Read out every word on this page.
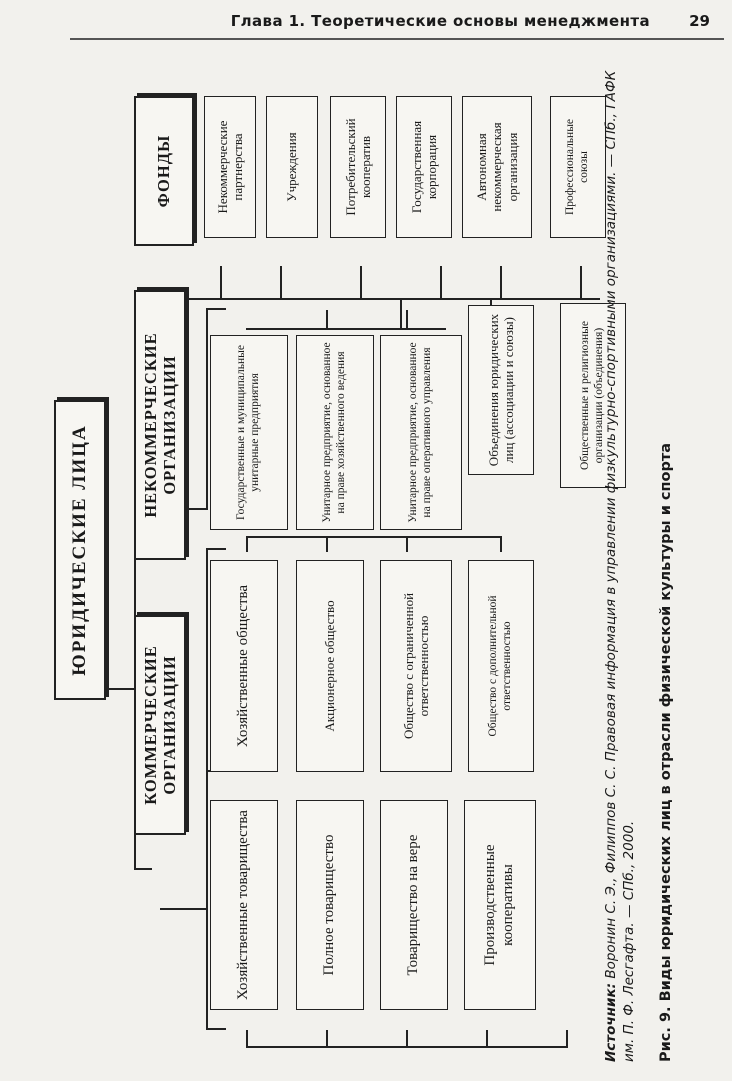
Глава 1. Теоретические основы менеджмента	29
ЮРИДИЧЕСКИЕ ЛИЦА
КОММЕРЧЕСКИЕ ОРГАНИЗАЦИИ
НЕКОММЕРЧЕСКИЕ ОРГАНИЗАЦИИ
Хозяйственные товарищества	Полное товарищество	Товарищество на вере	Производственные кооперативы
Хозяйственные общества	Акционерное общество	Общество с ограниченной ответственностью	Общество с дополнительной ответственностью
Государственные и муниципальные унитарные предприятия	Унитарное предприятие, основанное на праве хозяйственного ведения	Унитарное предприятие, основанное на праве оперативного управления	Объединения юридических лиц (ассоциации и союзы)	Общественные и религиозные организации (объединения)
ФОНДЫ	Некоммерческие партнерства	Учреждения	Потребительский кооператив	Государственная корпорация	Автономная некоммерческая организация	Профессиональные союзы
Источник: Воронин С. Э., Филиппов С. С. Правовая информация в управлении физкультурно-спортивными организациями. — СПб., ГАФК им. П. Ф. Лесгафта. — СПб., 2000. Рис. 9. Виды юридических лиц в отрасли физической культуры и спорта
